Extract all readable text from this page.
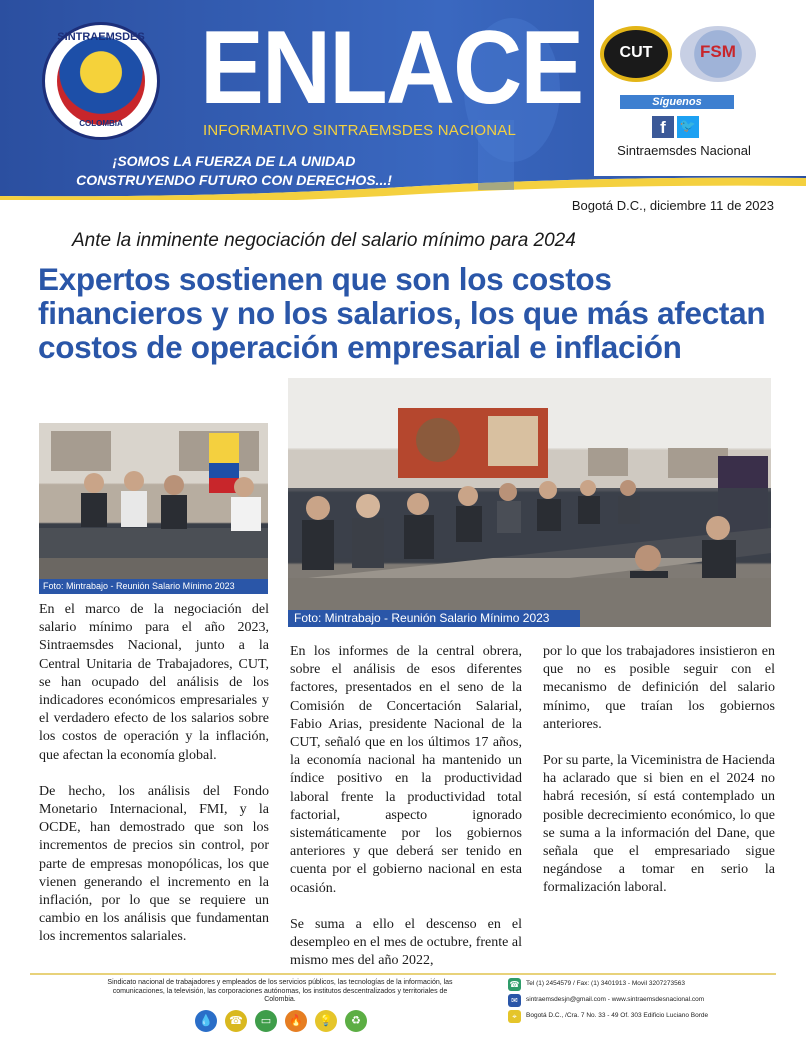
SINTRAEMSDES
COLOMBIA ENLACE
INFORMATIVO SINTRAEMSDES NACIONAL
¡SOMOS LA FUERZA DE LA UNIDAD
CONSTRUYENDO FUTURO CON DERECHOS...!
CUT	FSM
Síguenos
f	🐦
Sintraemsdes Nacional
Bogotá D.C., diciembre 11 de 2023
Ante la inminente negociación del salario mínimo para 2024
Expertos sostienen que son los costos financieros y no los salarios, los que más afectan costos de operación empresarial e inflación
Foto: Mintrabajo - Reunión Salario Mínimo 2023
Foto: Mintrabajo - Reunión Salario Mínimo 2023

En el marco de la negociación del salario mínimo para el año 2023, Sintraemsdes Nacional, junto a la Central Unitaria de Trabajadores, CUT, se han ocupado del análisis de los indicadores económicos empresariales y el verdadero efecto de los salarios sobre los costos de operación y la inflación, que afectan la economía global.

De hecho, los análisis del Fondo Monetario Internacional, FMI, y la OCDE, han demostrado que son los incrementos de precios sin control, por parte de empresas monopólicas, los que vienen generando el incremento en la inflación, por lo que se requiere un cambio en los análisis que fundamentan los incrementos salariales.

En los informes de la central obrera, sobre el análisis de esos diferentes factores, presentados en el seno de la Comisión de Concertación Salarial, Fabio Arias, presidente Nacional de la CUT, señaló que en los últimos 17 años, la economía nacional ha mantenido un índice positivo en la productividad laboral frente la productividad total factorial, aspecto ignorado sistemáticamente por los gobiernos anteriores y que deberá ser tenido en cuenta por el gobierno nacional en esta ocasión.

Se suma a ello el descenso en el desempleo en el mes de octubre, frente al mismo mes del año 2022,

por lo que los trabajadores insistieron en que no es posible seguir con el mecanismo de definición del salario mínimo, que traían los gobiernos anteriores.

Por su parte, la Viceministra de Hacienda ha aclarado que si bien en el 2024 no habrá recesión, sí está contemplado un posible decrecimiento económico, lo que se suma a la información del Dane, que señala que el empresariado sigue negándose a tomar en serio la formalización laboral.

Sindicato nacional de trabajadores y empleados de los servicios públicos, las tecnologías de la información, las comunicaciones, la televisión, las corporaciones autónomas, los institutos descentralizados y territoriales de Colombia.
💧	☎	▭	🔥	💡	♻
☎ Tel (1) 2454579 / Fax: (1) 3401913 - Movil 3207273563
✉	sintraemsdesjn@gmail.com - www.sintraemsdesnacional.com
⌖	Bogotá D.C., /Cra. 7 No. 33 - 49 Of. 303 Edificio Luciano Borde
